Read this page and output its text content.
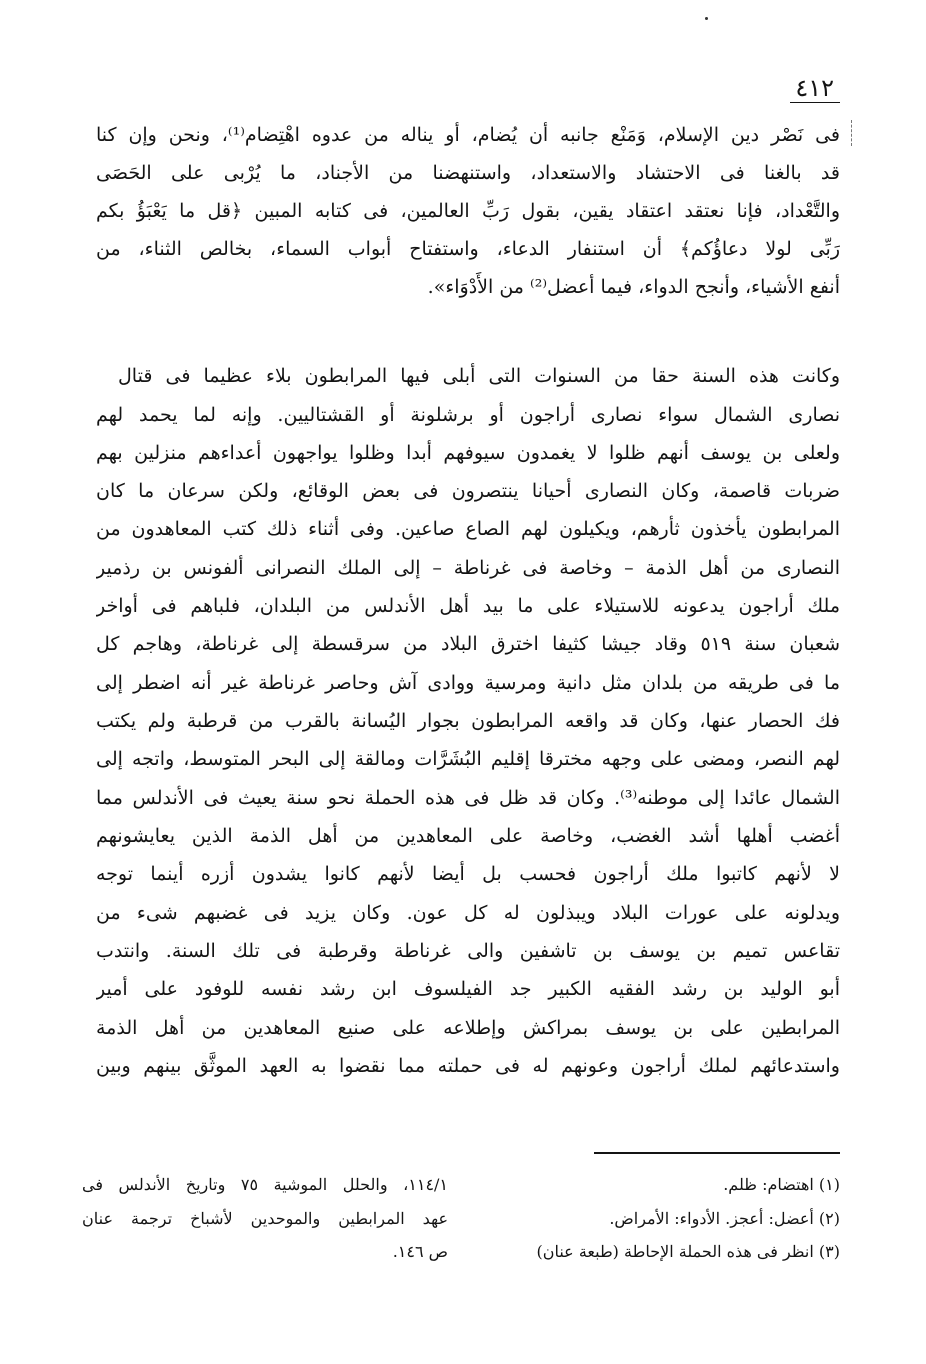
٤١٢
فى نَصْر دين الإسلام، وَمَنْع جانبه أن يُضام، أو يناله من عدوه اهْتِضام⁽¹⁾، ونحن وإن كنا
قد بالغنا فى الاحتشاد والاستعداد، واستنهضنا من الأجناد، ما يُرْبى على الحَصَى
والتَّعْداد، فإنا نعتقد اعتقاد يقين، بقول رَبِّ العالمين، فى كتابه المبين ﴿قل ما يَعْبَؤُ بكم
رَبِّى لولا دعاؤُكم﴾ أن استنفار الدعاء، واستفتاح أبواب السماء، بخالص الثناء، من
أنفع الأشياء، وأنجح الدواء، فيما أعضل⁽²⁾ من الأَدْوَاء».
وكانت هذه السنة حقا من السنوات التى أبلى فيها المرابطون بلاء عظيما فى قتال
نصارى الشمال سواء نصارى أراجون أو برشلونة أو القشتاليين. وإنه لما يحمد لهم
ولعلى بن يوسف أنهم ظلوا لا يغمدون سيوفهم أبدا وظلوا يواجهون أعداءهم منزلين بهم
ضربات قاصمة، وكان النصارى أحيانا ينتصرون فى بعض الوقائع، ولكن سرعان ما كان
المرابطون يأخذون ثأرهم، ويكيلون لهم الصاع صاعين. وفى أثناء ذلك كتب المعاهدون من
النصارى من أهل الذمة – وخاصة فى غرناطة – إلى الملك النصرانى ألفونس بن رذمير
ملك أراجون يدعونه للاستيلاء على ما بيد أهل الأندلس من البلدان، فلباهم فى أواخر
شعبان سنة ٥١٩ وقاد جيشا كثيفا اخترق البلاد من سرقسطة إلى غرناطة، وهاجم كل
ما فى طريقه من بلدان مثل دانية ومرسية ووادى آش وحاصر غرناطة غير أنه اضطر إلى
فك الحصار عنها، وكان قد واقعه المرابطون بجوار اليُسانة بالقرب من قرطبة ولم يكتب
لهم النصر، ومضى على وجهه مخترقا إقليم البُشَرَّات ومالقة إلى البحر المتوسط، واتجه إلى
الشمال عائدا إلى موطنه⁽³⁾. وكان قد ظل فى هذه الحملة نحو سنة يعيث فى الأندلس مما
أغضب أهلها أشد الغضب، وخاصة على المعاهدين من أهل الذمة الذين يعايشونهم
لا لأنهم كاتبوا ملك أراجون فحسب بل أيضا لأنهم كانوا يشدون أزره أينما توجه
ويدلونه على عورات البلاد ويبذلون له كل عون. وكان يزيد فى غضبهم شىء من
تقاعس تميم بن يوسف بن تاشفين والى غرناطة وقرطبة فى تلك السنة. وانتدب
أبو الوليد بن رشد الفقيه الكبير جد الفيلسوف ابن رشد نفسه للوفود على أمير
المرابطين على بن يوسف بمراكش وإطلاعه على صنيع المعاهدين من أهل الذمة
واستدعائهم لملك أراجون وعونهم له فى حملته مما نقضوا به العهد الموثَّق بينهم وبين
(١) اهتضام: ظلم.
(٢) أعضل: أعجز. الأدواء: الأمراض.
(٣) انظر فى هذه الحملة الإحاطة (طبعة عنان)
١١٤/١، والحلل الموشية ٧٥ وتاريخ الأندلس فى
عهد المرابطين والموحدين لأشباخ ترجمة عنان
ص ١٤٦.
